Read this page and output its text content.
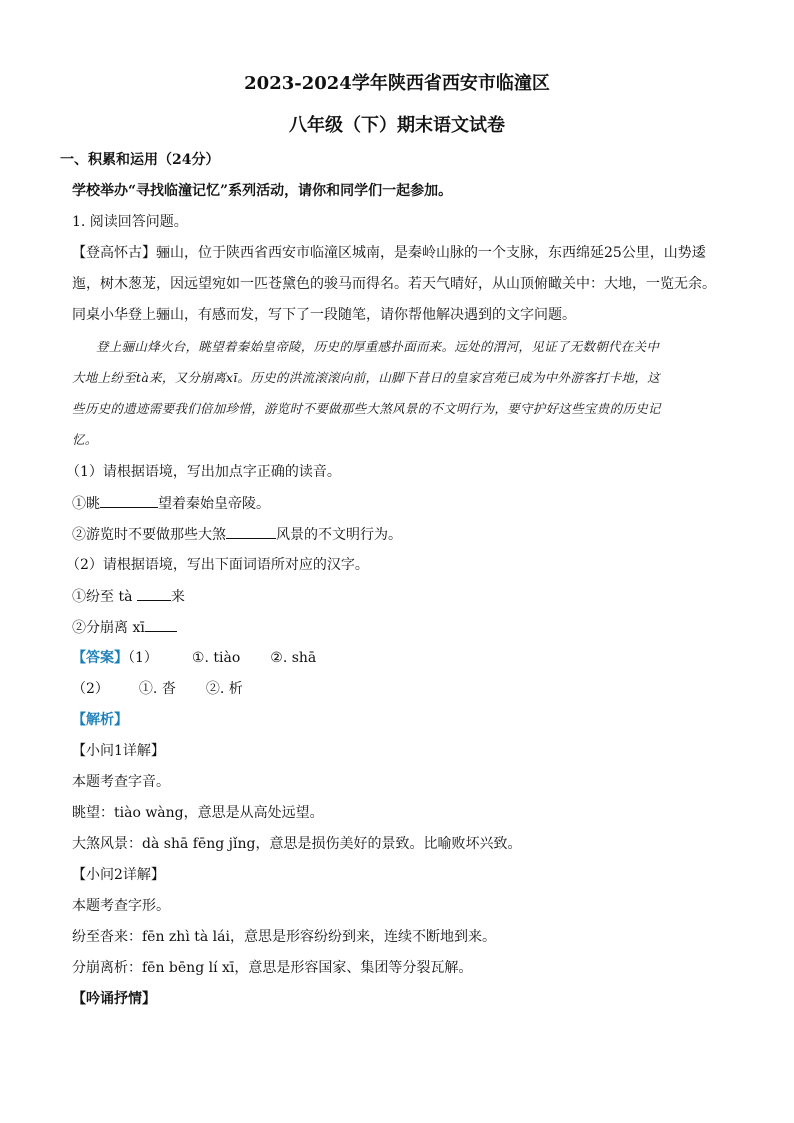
2023-2024学年陕西省西安市临潼区
八年级（下）期末语文试卷
一、积累和运用（24分）
学校举办“寻找临潼记忆”系列活动，请你和同学们一起参加。
1. 阅读回答问题。
【登高怀古】骊山，位于陕西省西安市临潼区城南，是秦岭山脉的一个支脉，东西绵延25公里，山势逶
迤，树木葱茏，因远望宛如一匹苍黛色的骏马而得名。若天气晴好，从山顶俯瞰关中：大地，一览无余。
同桌小华登上骊山，有感而发，写下了一段随笔，请你帮他解决遇到的文字问题。
登上骊山烽火台，眺望着秦始皇帝陵，历史的厚重感扑面而来。远处的渭河，见证了无数朝代在关中
大地上纷至tà来，又分崩离xī。历史的洪流滚滚向前，山脚下昔日的皇家宫苑已成为中外游客打卡地，这
些历史的遗迹需要我们倍加珍惜，游览时不要做那些大煞风景的不文明行为，要守护好这些宝贵的历史记
忆。
（1）请根据语境，写出加点字正确的读音。
①眺	望着秦始皇帝陵。
②游览时不要做那些大煞	风景的不文明行为。
（2）请根据语境，写出下面词语所对应的汉字。
①纷至 tà 来
②分崩离 xī
【答案】（1） ①. tiào ②. shā
（2） ①. 沓 ②. 析
【解析】
【小问1详解】
本题考查字音。
眺望：tiào wàng，意思是从高处远望。
大煞风景：dà shā fēng jǐng，意思是损伤美好的景致。比喻败坏兴致。
【小问2详解】
本题考查字形。
纷至沓来：fēn zhì tà lái，意思是形容纷纷到来，连续不断地到来。
分崩离析：fēn bēng lí xī，意思是形容国家、集团等分裂瓦解。
【吟诵抒情】
